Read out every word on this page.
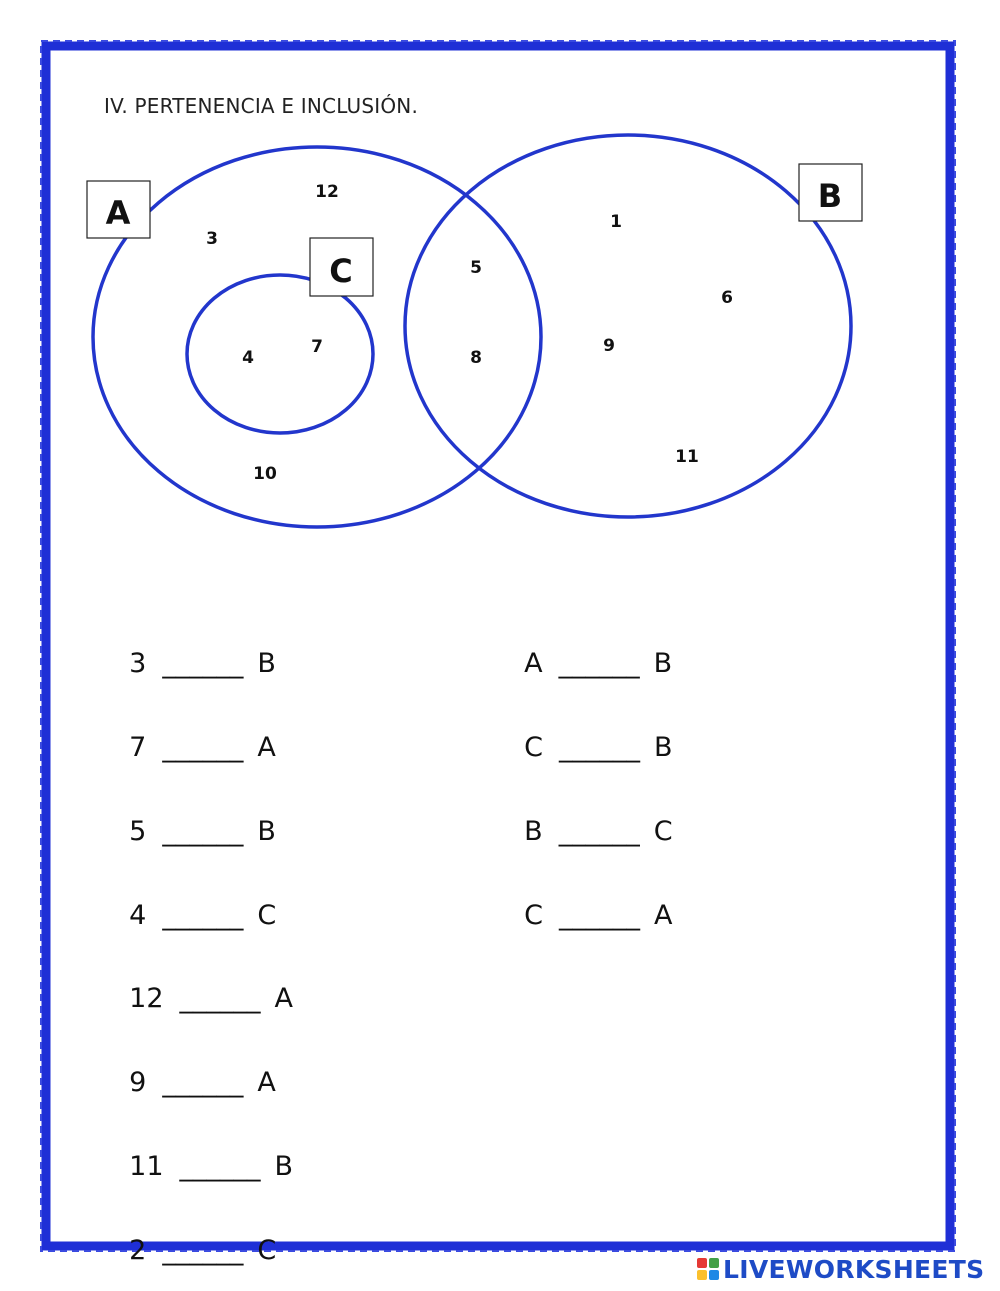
IV. PERTENENCIA E INCLUSIÓN.
A	B
C
12
3
5
8
4
7
10
1
6
9
11

3 ______ B

7 ______ A

5 ______ B

4 ______ C

12 ______ A

9 ______ A

11 ______ B

2 ______ C

A ______ B

C ______ B

B ______ C

C ______ A

LIVEWORKSHEETS
